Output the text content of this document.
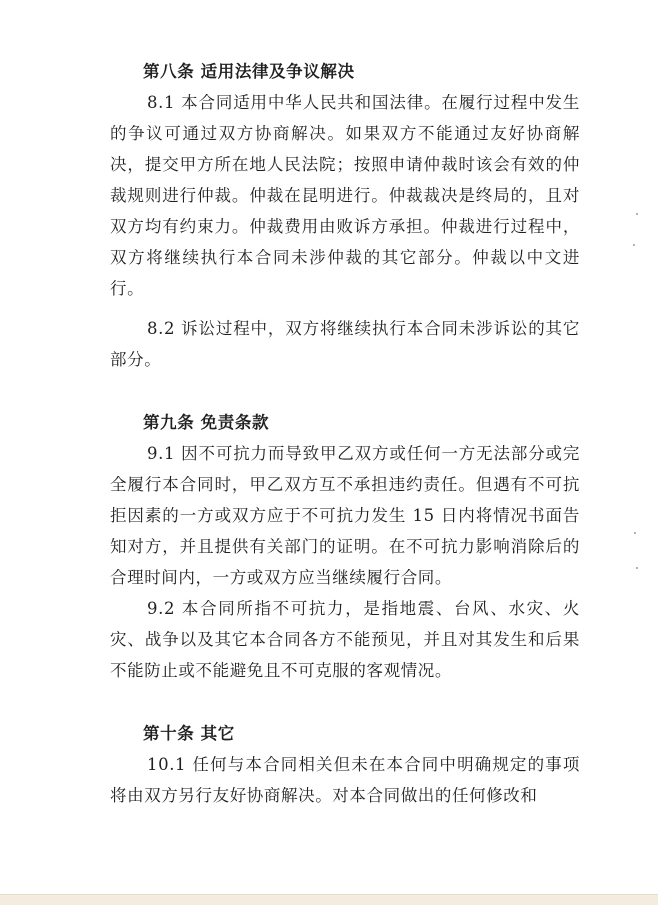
第八条 适用法律及争议解决

8.1 本合同适用中华人民共和国法律。在履行过程中发生的争议可通过双方协商解决。如果双方不能通过友好协商解决，提交甲方所在地人民法院；按照申请仲裁时该会有效的仲裁规则进行仲裁。仲裁在昆明进行。仲裁裁决是终局的，且对双方均有约束力。仲裁费用由败诉方承担。仲裁进行过程中，双方将继续执行本合同未涉仲裁的其它部分。仲裁以中文进行。

8.2 诉讼过程中，双方将继续执行本合同未涉诉讼的其它部分。

第九条 免责条款

9.1 因不可抗力而导致甲乙双方或任何一方无法部分或完全履行本合同时，甲乙双方互不承担违约责任。但遇有不可抗拒因素的一方或双方应于不可抗力发生 15 日内将情况书面告知对方，并且提供有关部门的证明。在不可抗力影响消除后的合理时间内，一方或双方应当继续履行合同。

9.2 本合同所指不可抗力，是指地震、台风、水灾、火灾、战争以及其它本合同各方不能预见，并且对其发生和后果不能防止或不能避免且不可克服的客观情况。

第十条 其它

10.1 任何与本合同相关但未在本合同中明确规定的事项将由双方另行友好协商解决。对本合同做出的任何修改和
